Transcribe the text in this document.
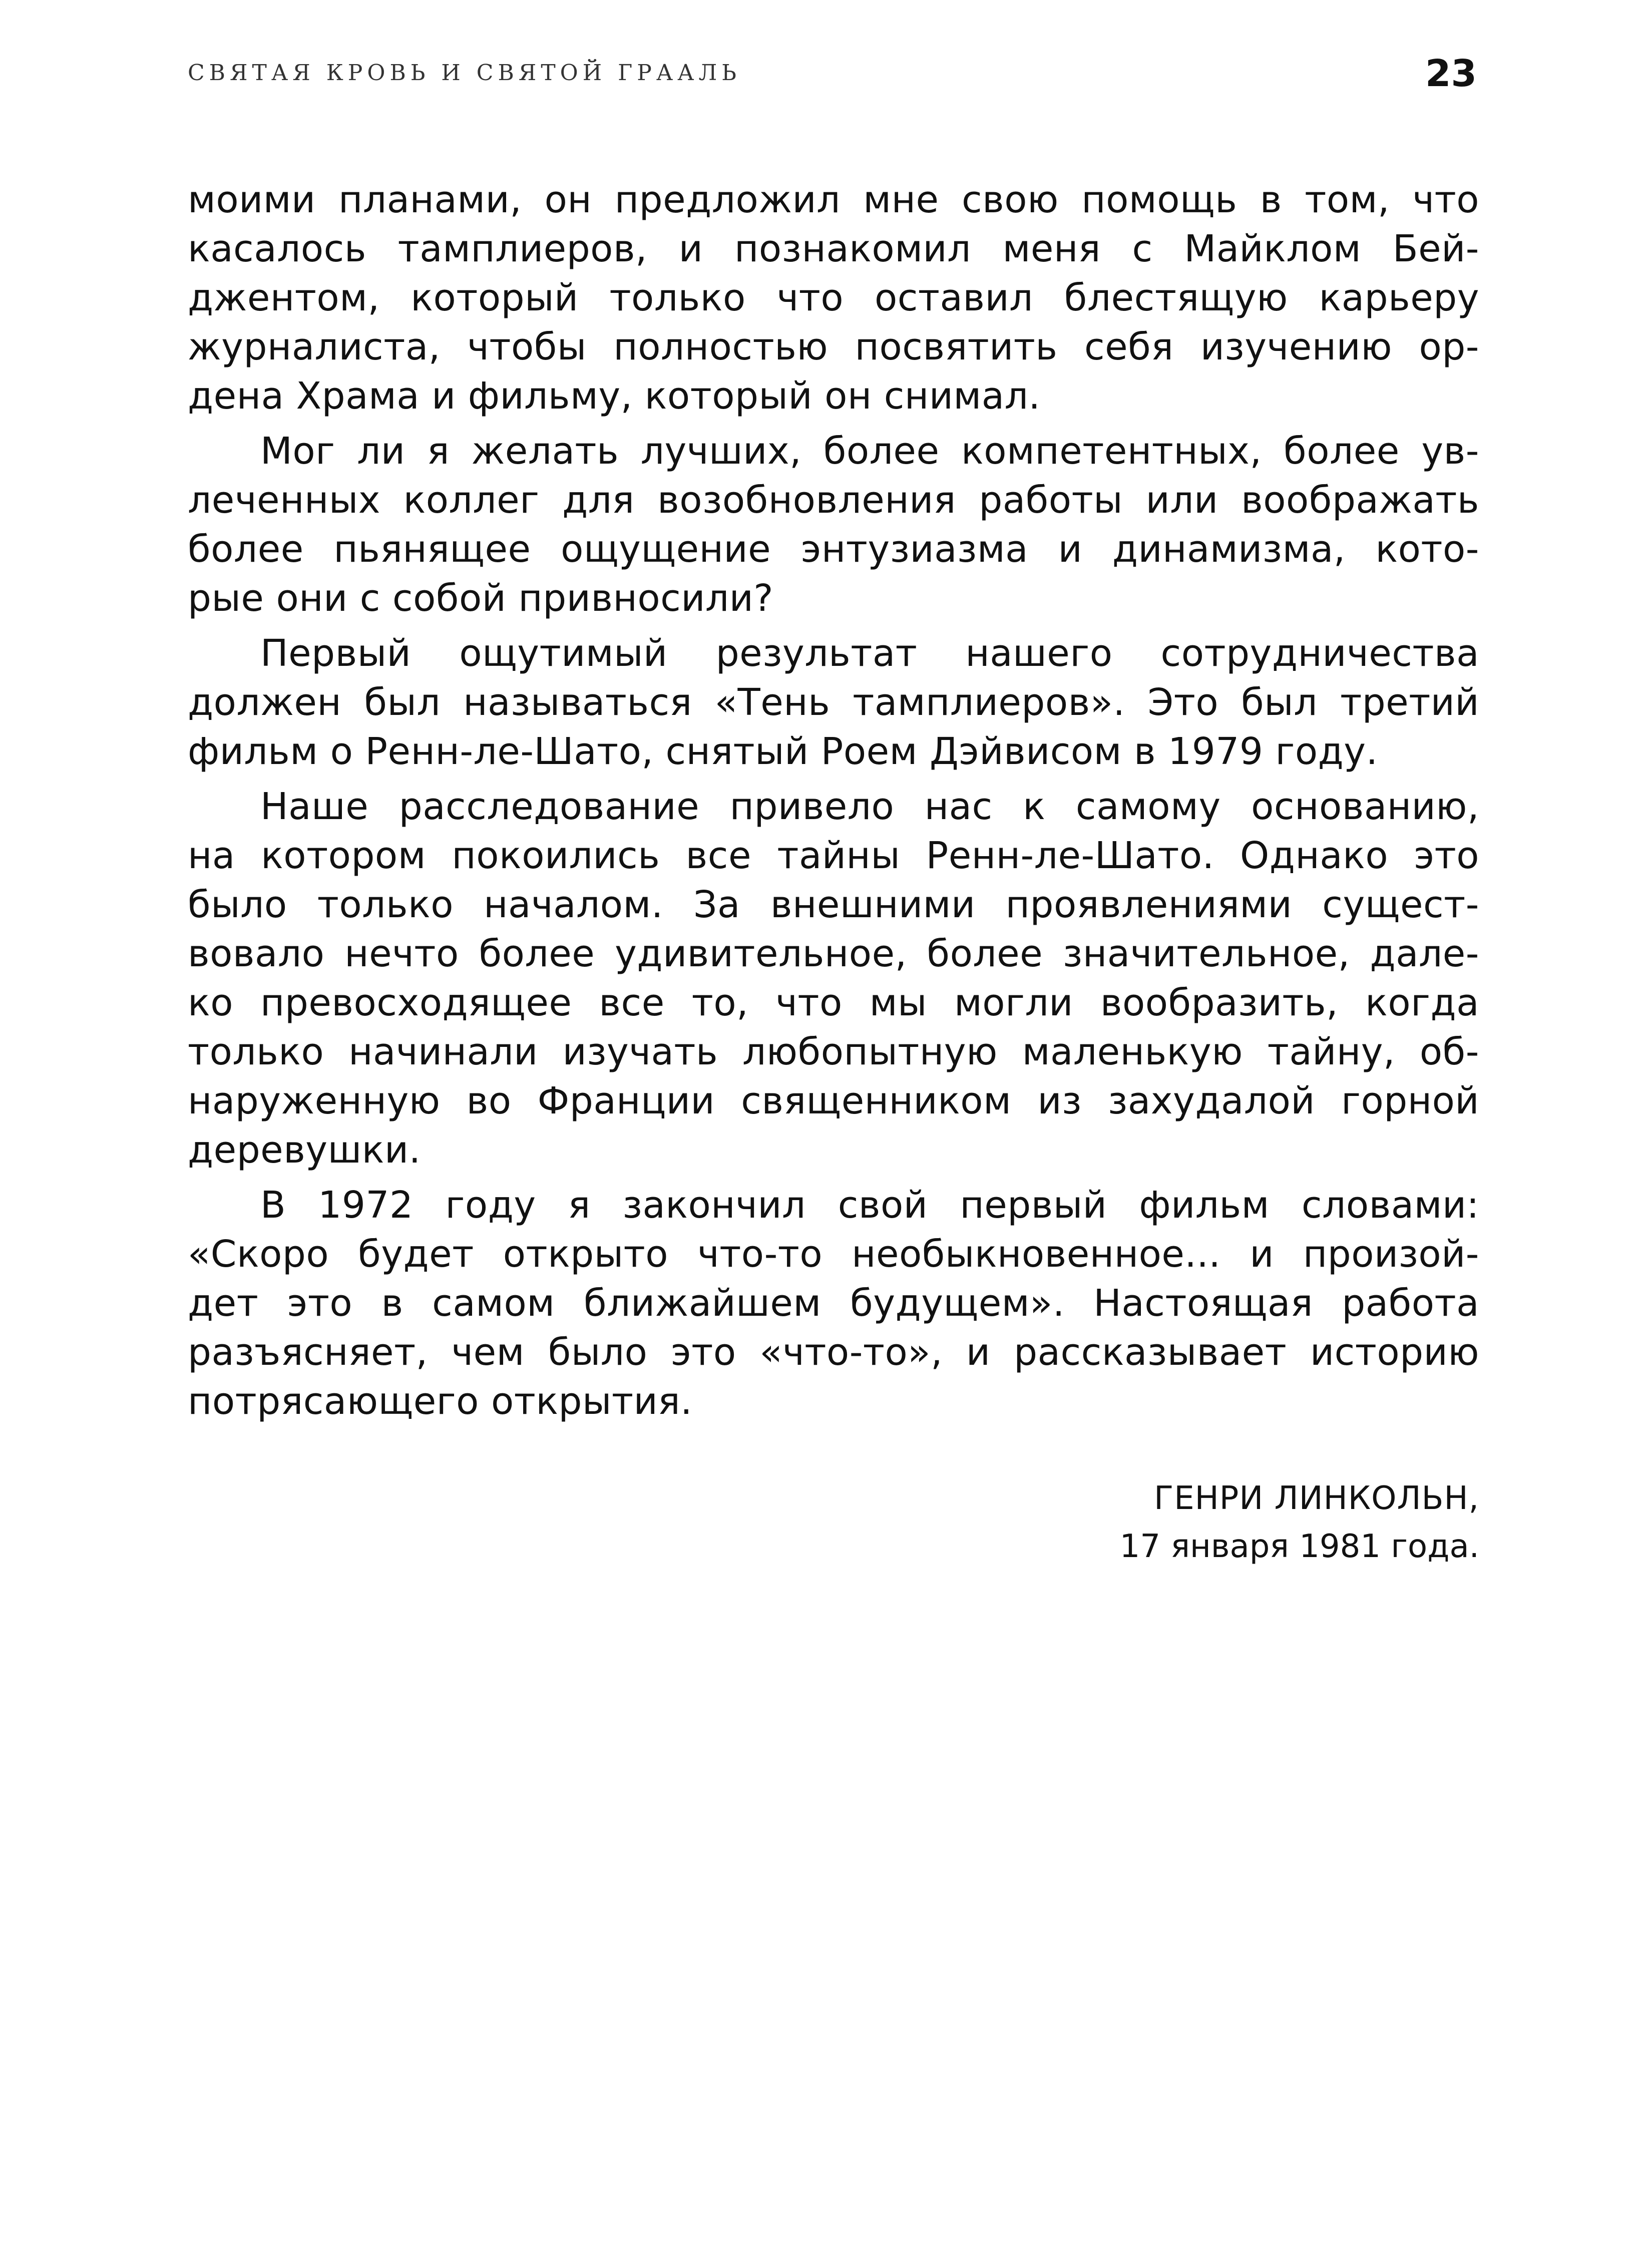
СВЯТАЯ КРОВЬ И СВЯТОЙ ГРААЛЬ	23
моими планами, он предложил мне свою помощь в том, что
касалось тамплиеров, и познакомил меня с Майклом Бей-
джентом, который только что оставил блестящую карьеру
журналиста, чтобы полностью посвятить себя изучению ор-
дена Храма и фильму, который он снимал.
Мог ли я желать лучших, более компетентных, более ув-
леченных коллег для возобновления работы или воображать
более пьянящее ощущение энтузиазма и динамизма, кото-
рые они с собой привносили?
Первый ощутимый результат нашего сотрудничества
должен был называться «Тень тамплиеров». Это был третий
фильм о Ренн-ле-Шато, снятый Роем Дэйвисом в 1979 году.
Наше расследование привело нас к самому основанию,
на котором покоились все тайны Ренн-ле-Шато. Однако это
было только началом. За внешними проявлениями сущест-
вовало нечто более удивительное, более значительное, дале-
ко превосходящее все то, что мы могли вообразить, когда
только начинали изучать любопытную маленькую тайну, об-
наруженную во Франции священником из захудалой горной
деревушки.
В 1972 году я закончил свой первый фильм словами:
«Скоро будет открыто что-то необыкновенное... и произой-
дет это в самом ближайшем будущем». Настоящая работа
разъясняет, чем было это «что-то», и рассказывает историю
потрясающего открытия.
ГЕНРИ ЛИНКОЛЬН,
17 января 1981 года.
